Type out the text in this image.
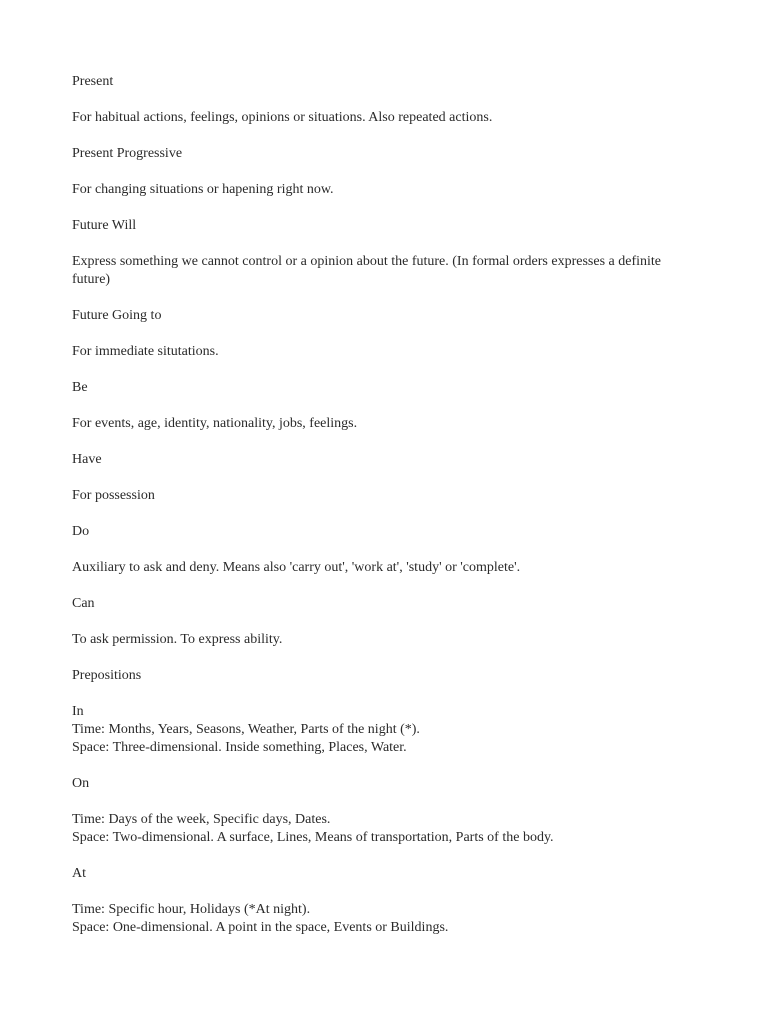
Present

For habitual actions, feelings, opinions or situations. Also repeated actions.

Present Progressive

For changing situations or hapening right now.

Future Will

Express something we cannot control or a opinion about the future. (In formal orders expresses a definite future)

Future Going to

For immediate situtations.

Be

For events, age, identity, nationality, jobs, feelings.

Have

For possession

Do

Auxiliary to ask and deny. Means also 'carry out', 'work at', 'study' or 'complete'.

Can

To ask permission. To express ability.

Prepositions

In

Time: Months, Years, Seasons, Weather, Parts of the night (*).

Space: Three-dimensional. Inside something, Places, Water.

On

Time: Days of the week, Specific days, Dates.

Space: Two-dimensional. A surface, Lines, Means of transportation, Parts of the body.

At

Time: Specific hour, Holidays (*At night).

Space: One-dimensional. A point in the space, Events or Buildings.
